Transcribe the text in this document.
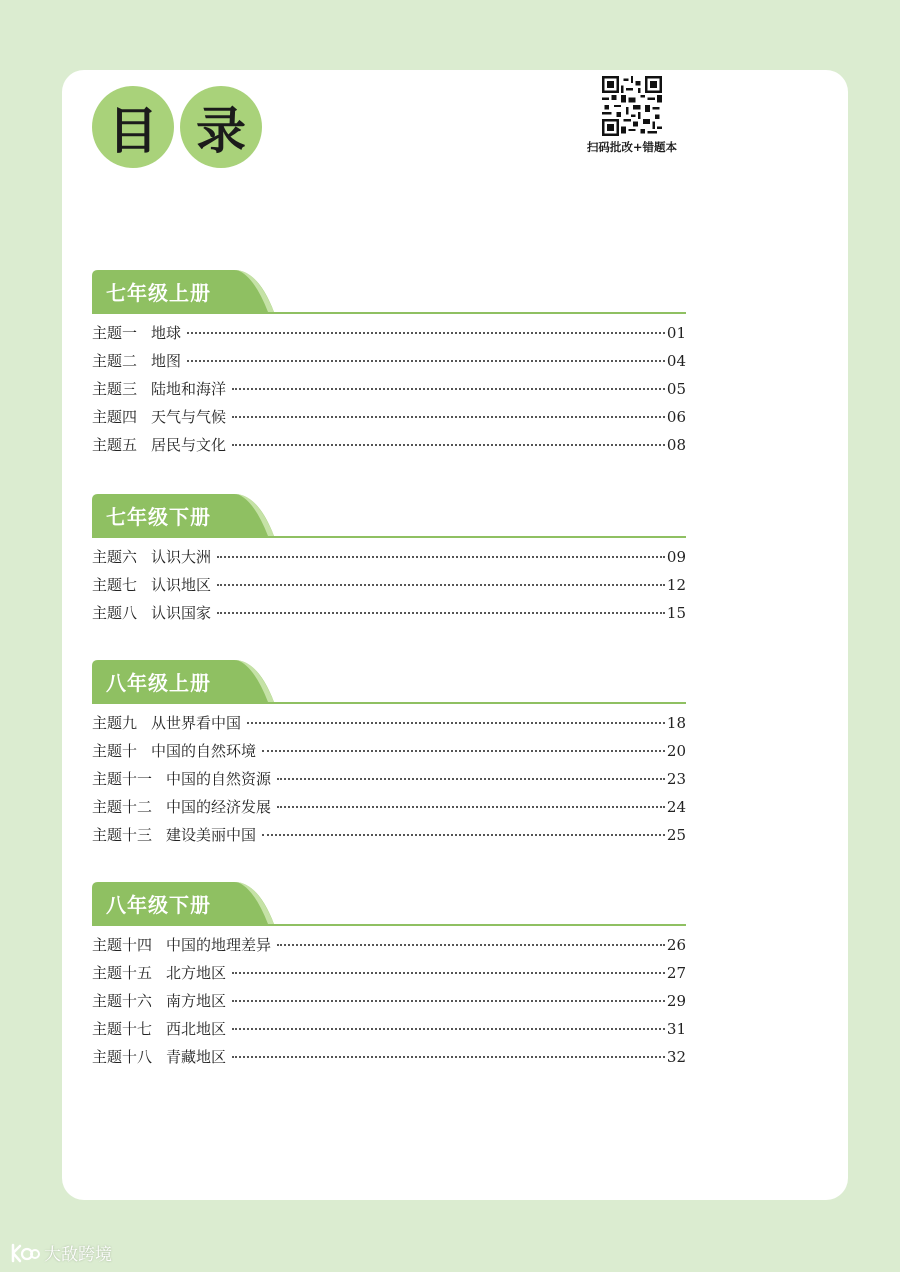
目 录	扫码批改+错题本
七年级上册
主题一 地球	01
主题二 地图	04
主题三 陆地和海洋	05
主题四 天气与气候	06
主题五 居民与文化	08
七年级下册
主题六 认识大洲	09
主题七 认识地区	12
主题八 认识国家	15
八年级上册
主题九 从世界看中国	18
主题十 中国的自然环境	20
主题十一 中国的自然资源	23
主题十二 中国的经济发展	24
主题十三 建设美丽中国	25
八年级下册
主题十四 中国的地理差异	26
主题十五 北方地区	27
主题十六 南方地区	29
主题十七 西北地区	31
主题十八 青藏地区	32
大敌跨境
